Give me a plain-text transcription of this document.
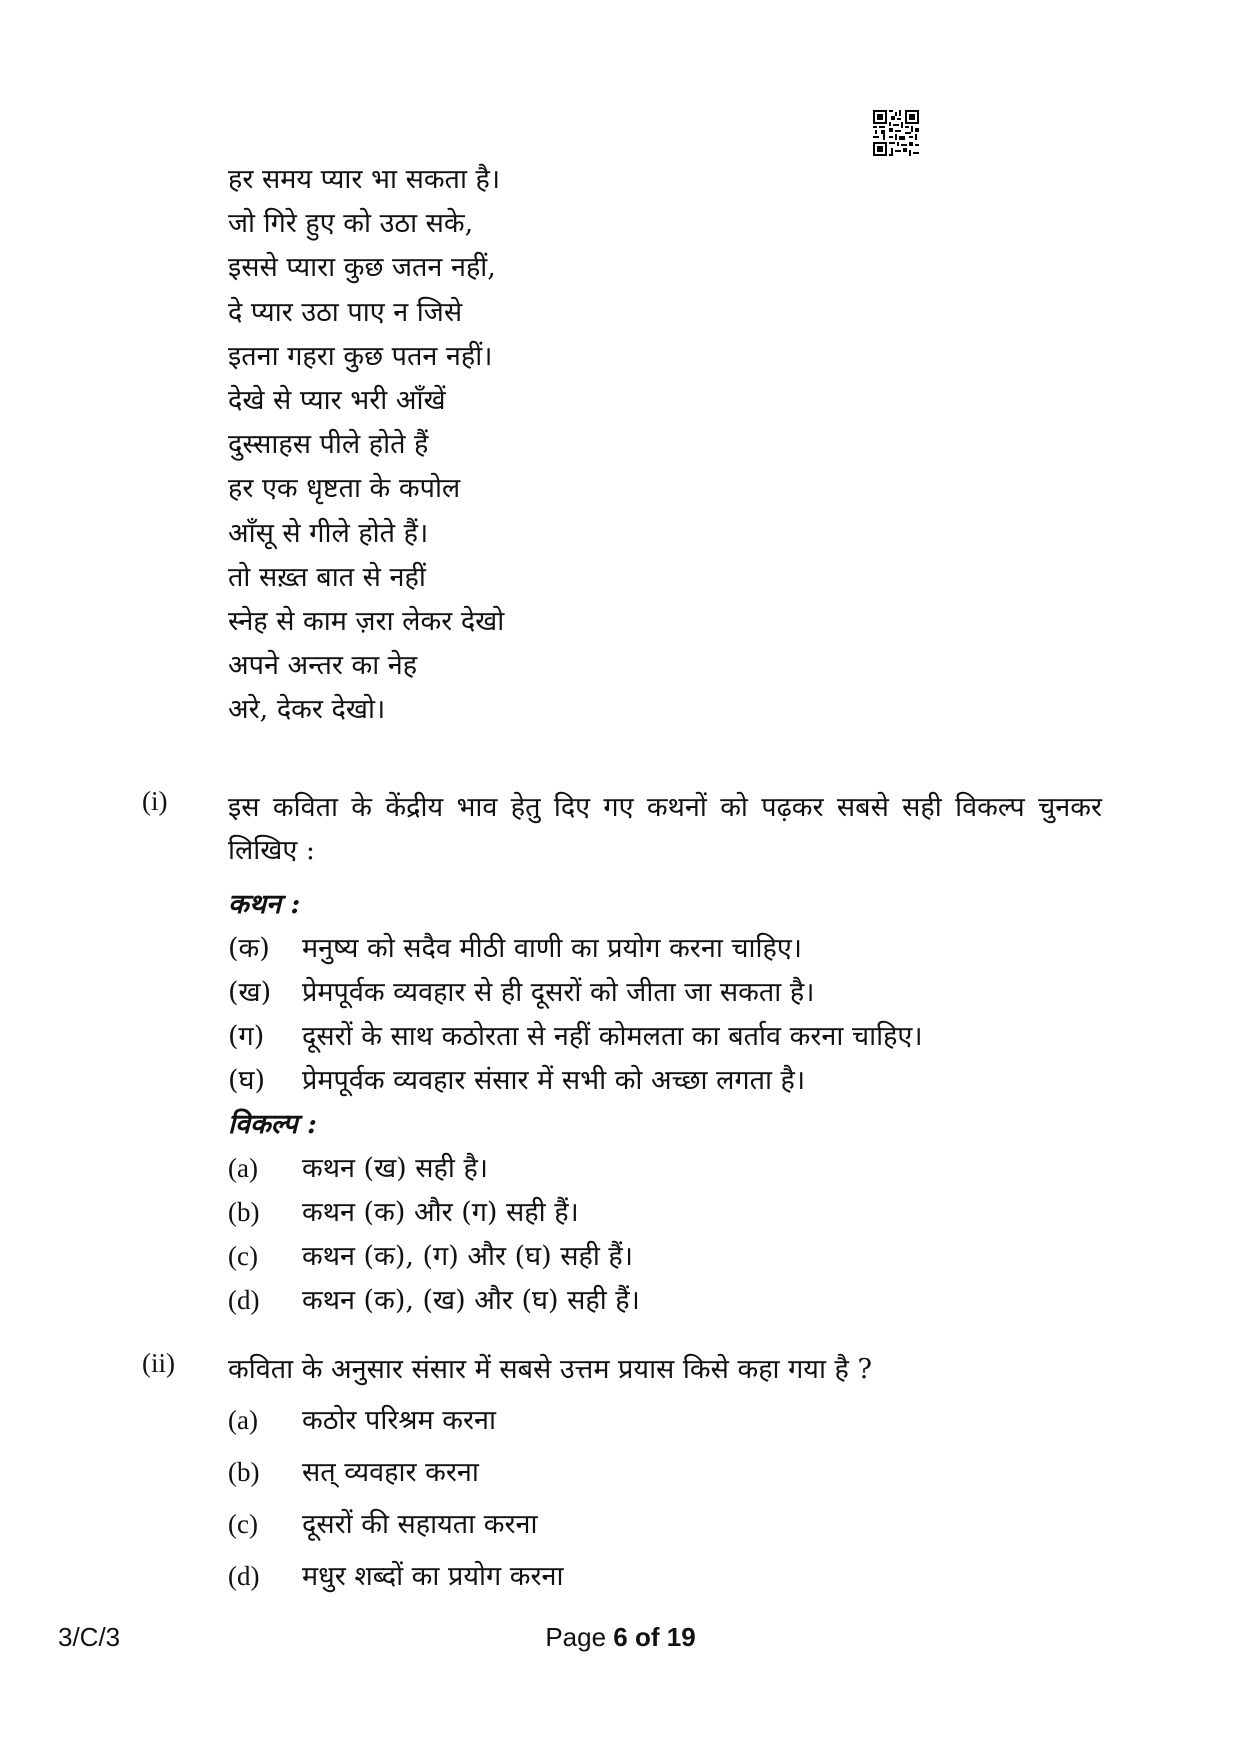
हर समय प्यार भा सकता है।
जो गिरे हुए को उठा सके,
इससे प्यारा कुछ जतन नहीं,
दे प्यार उठा पाए न जिसे
इतना गहरा कुछ पतन नहीं।
देखे से प्यार भरी आँखें
दुस्साहस पीले होते हैं
हर एक धृष्टता के कपोल
आँसू से गीले होते हैं।
तो सख़्त बात से नहीं
स्नेह से काम ज़रा लेकर देखो
अपने अन्तर का नेह
अरे, देकर देखो।
(i) इस कविता के केंद्रीय भाव हेतु दिए गए कथनों को पढ़कर सबसे सही विकल्प चुनकर लिखिए :
कथन :
(क) मनुष्य को सदैव मीठी वाणी का प्रयोग करना चाहिए।
(ख) प्रेमपूर्वक व्यवहार से ही दूसरों को जीता जा सकता है।
(ग) दूसरों के साथ कठोरता से नहीं कोमलता का बर्ताव करना चाहिए।
(घ) प्रेमपूर्वक व्यवहार संसार में सभी को अच्छा लगता है।
विकल्प :
(a) कथन (ख) सही है।
(b) कथन (क) और (ग) सही हैं।
(c) कथन (क), (ग) और (घ) सही हैं।
(d) कथन (क), (ख) और (घ) सही हैं।
(ii) कविता के अनुसार संसार में सबसे उत्तम प्रयास किसे कहा गया है ?
(a) कठोर परिश्रम करना
(b) सत् व्यवहार करना
(c) दूसरों की सहायता करना
(d) मधुर शब्दों का प्रयोग करना
3/C/3	Page 6 of 19
